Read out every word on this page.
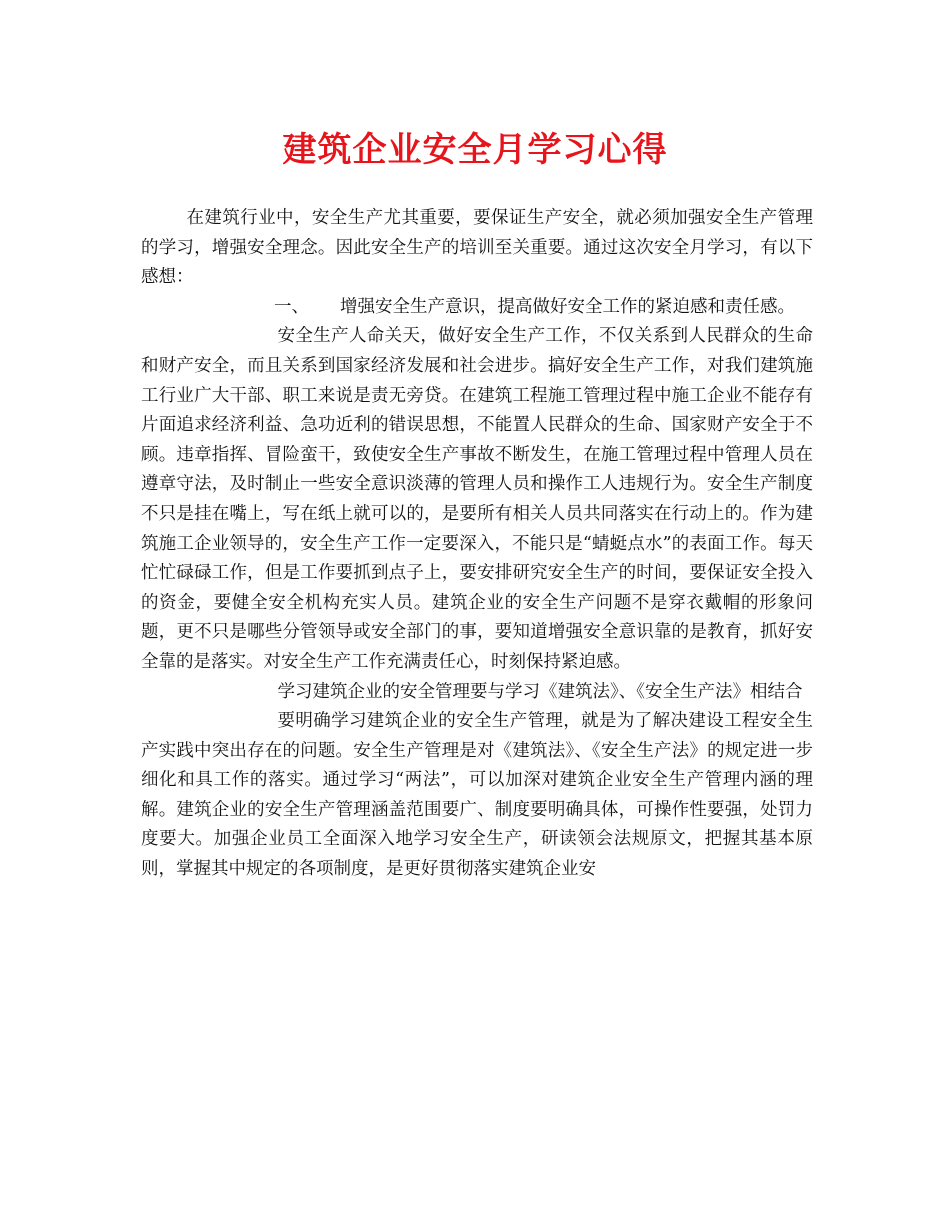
建筑企业安全月学习心得

在建筑行业中，安全生产尤其重要，要保证生产安全，就必须加强安全生产管理的学习，增强安全理念。因此安全生产的培训至关重要。通过这次安全月学习，有以下感想：

一、 增强安全生产意识，提高做好安全工作的紧迫感和责任感。

安全生产人命关天，做好安全生产工作，不仅关系到人民群众的生命和财产安全，而且关系到国家经济发展和社会进步。搞好安全生产工作，对我们建筑施工行业广大干部、职工来说是责无旁贷。在建筑工程施工管理过程中施工企业不能存有片面追求经济利益、急功近利的错误思想，不能置人民群众的生命、国家财产安全于不顾。违章指挥、冒险蛮干，致使安全生产事故不断发生，在施工管理过程中管理人员在遵章守法，及时制止一些安全意识淡薄的管理人员和操作工人违规行为。安全生产制度不只是挂在嘴上，写在纸上就可以的，是要所有相关人员共同落实在行动上的。作为建筑施工企业领导的，安全生产工作一定要深入，不能只是“蜻蜓点水”的表面工作。每天忙忙碌碌工作，但是工作要抓到点子上，要安排研究安全生产的时间，要保证安全投入的资金，要健全安全机构充实人员。建筑企业的安全生产问题不是穿衣戴帽的形象问题，更不只是哪些分管领导或安全部门的事，要知道增强安全意识靠的是教育，抓好安全靠的是落实。对安全生产工作充满责任心，时刻保持紧迫感。

学习建筑企业的安全管理要与学习《建筑法》、《安全生产法》相结合

要明确学习建筑企业的安全生产管理，就是为了解决建设工程安全生产实践中突出存在的问题。安全生产管理是对《建筑法》、《安全生产法》的规定进一步细化和具工作的落实。通过学习“两法”，可以加深对建筑企业安全生产管理内涵的理解。建筑企业的安全生产管理涵盖范围要广、制度要明确具体，可操作性要强，处罚力度要大。加强企业员工全面深入地学习安全生产，研读领会法规原文，把握其基本原则，掌握其中规定的各项制度，是更好贯彻落实建筑企业安
